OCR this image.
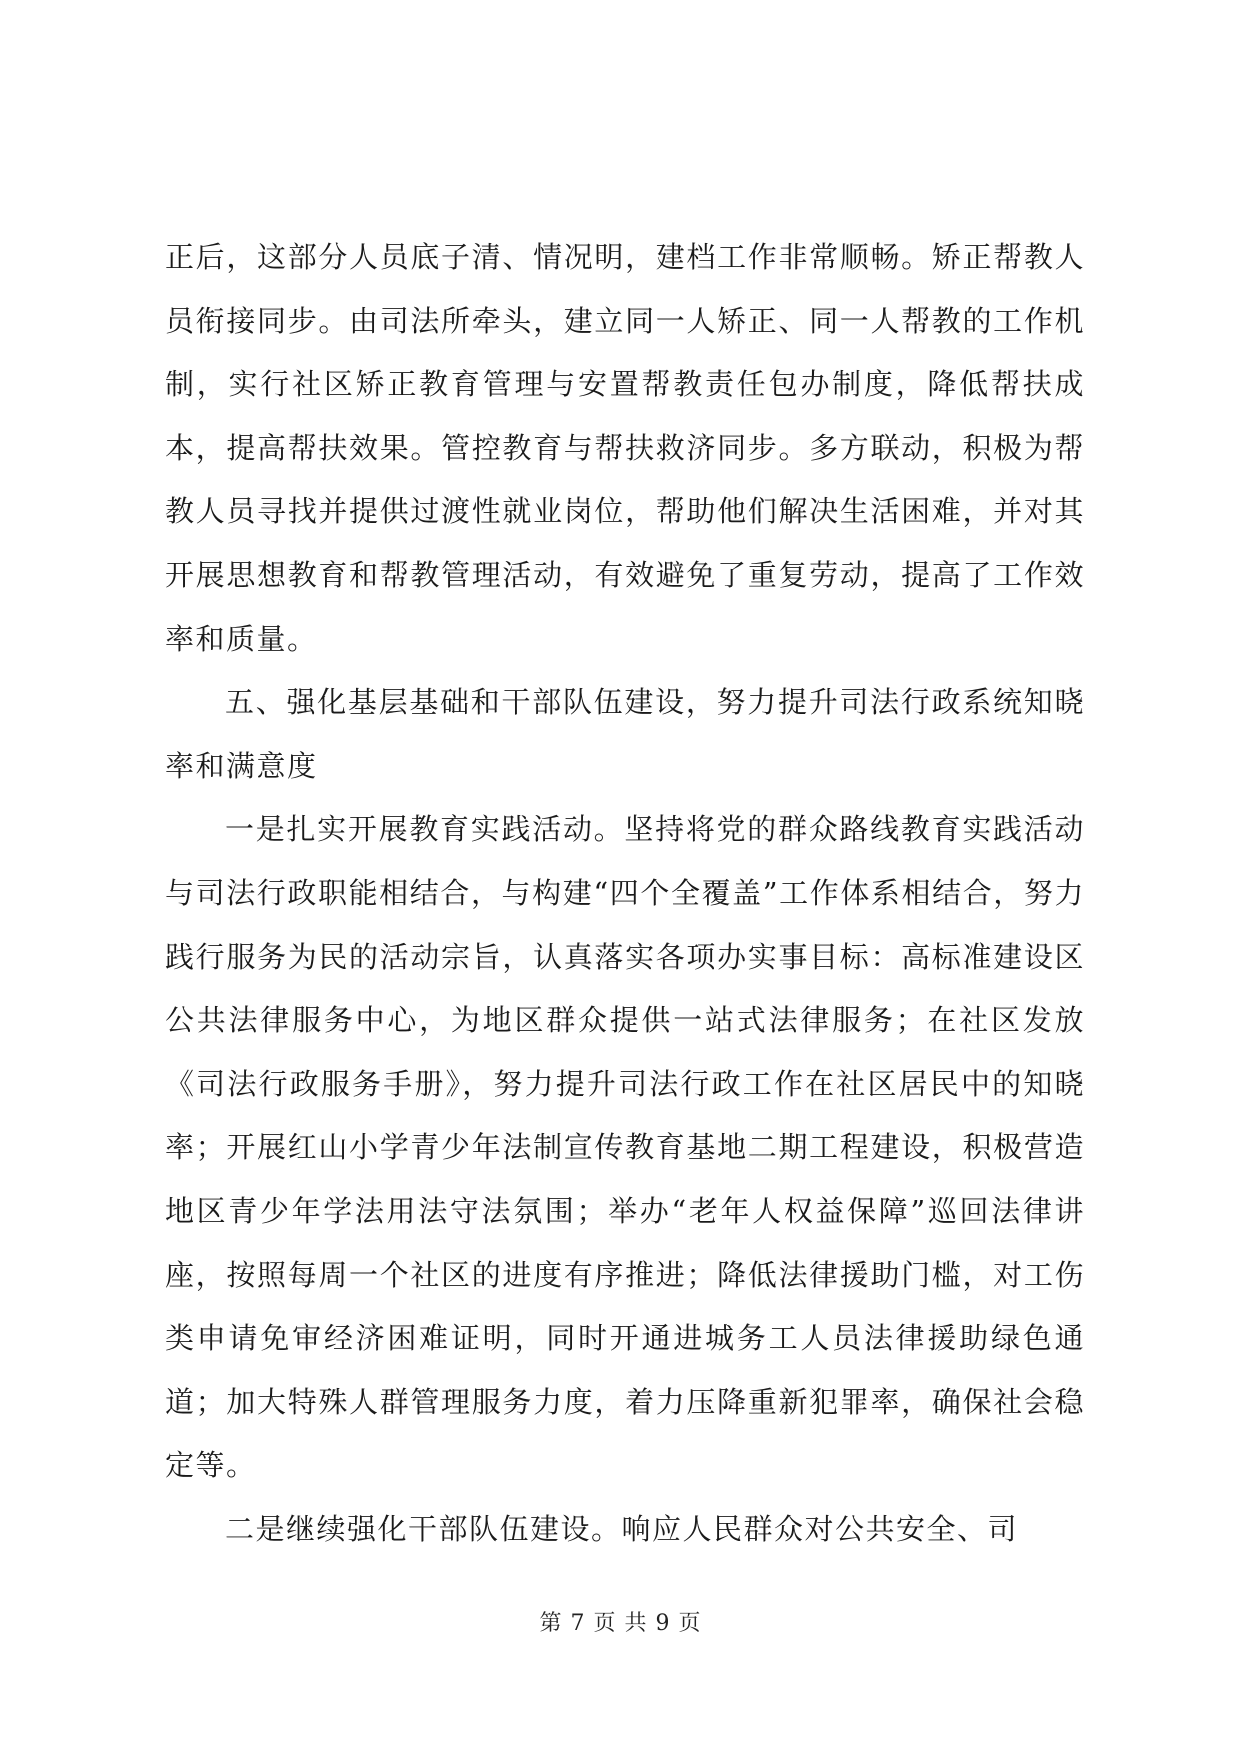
正后，这部分人员底子清、情况明，建档工作非常顺畅。矫正帮教人员衔接同步。由司法所牵头，建立同一人矫正、同一人帮教的工作机制，实行社区矫正教育管理与安置帮教责任包办制度，降低帮扶成本，提高帮扶效果。管控教育与帮扶救济同步。多方联动，积极为帮教人员寻找并提供过渡性就业岗位，帮助他们解决生活困难，并对其开展思想教育和帮教管理活动，有效避免了重复劳动，提高了工作效率和质量。

五、强化基层基础和干部队伍建设，努力提升司法行政系统知晓率和满意度

一是扎实开展教育实践活动。坚持将党的群众路线教育实践活动与司法行政职能相结合，与构建“四个全覆盖”工作体系相结合，努力践行服务为民的活动宗旨，认真落实各项办实事目标：高标准建设区公共法律服务中心，为地区群众提供一站式法律服务；在社区发放《司法行政服务手册》，努力提升司法行政工作在社区居民中的知晓率；开展红山小学青少年法制宣传教育基地二期工程建设，积极营造地区青少年学法用法守法氛围；举办“老年人权益保障”巡回法律讲座，按照每周一个社区的进度有序推进；降低法律援助门槛，对工伤类申请免审经济困难证明，同时开通进城务工人员法律援助绿色通道；加大特殊人群管理服务力度，着力压降重新犯罪率，确保社会稳定等。

二是继续强化干部队伍建设。响应人民群众对公共安全、司

第 7 页 共 9 页
